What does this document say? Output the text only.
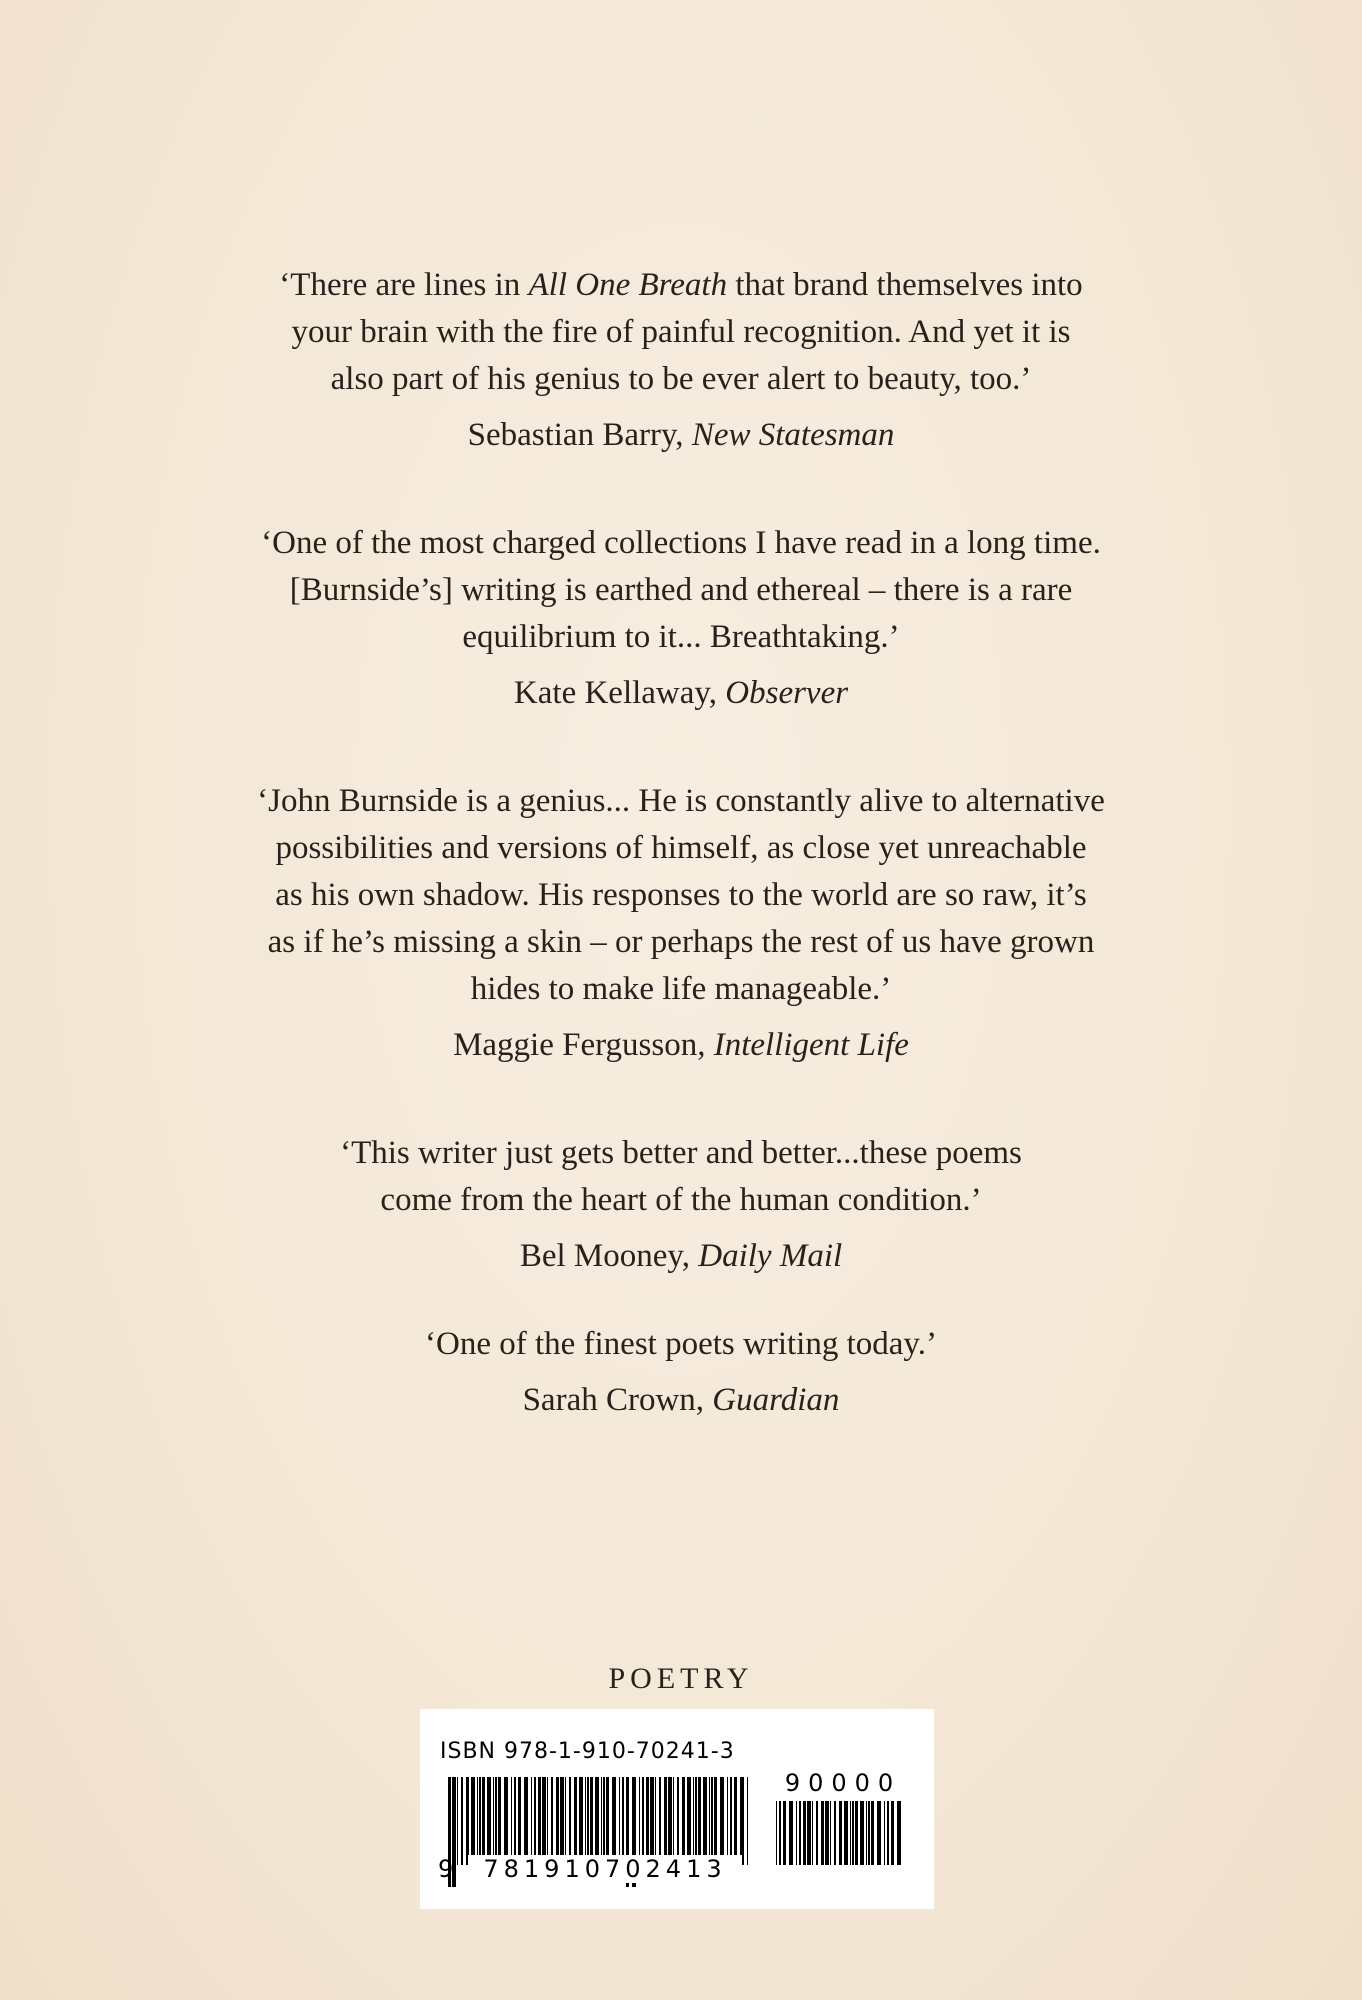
‘There are lines in All One Breath that brand themselves into
your brain with the fire of painful recognition. And yet it is
also part of his genius to be ever alert to beauty, too.’

Sebastian Barry, New Statesman

‘One of the most charged collections I have read in a long time.
[Burnside’s] writing is earthed and ethereal – there is a rare
equilibrium to it... Breathtaking.’

Kate Kellaway, Observer

‘John Burnside is a genius... He is constantly alive to alternative
possibilities and versions of himself, as close yet unreachable
as his own shadow. His responses to the world are so raw, it’s
as if he’s missing a skin – or perhaps the rest of us have grown
hides to make life manageable.’

Maggie Fergusson, Intelligent Life

‘This writer just gets better and better...these poems
come from the heart of the human condition.’

Bel Mooney, Daily Mail

‘One of the finest poets writing today.’

Sarah Crown, Guardian
POETRY
ISBN 978-1-910-70241-3
9	781910702413
90000
